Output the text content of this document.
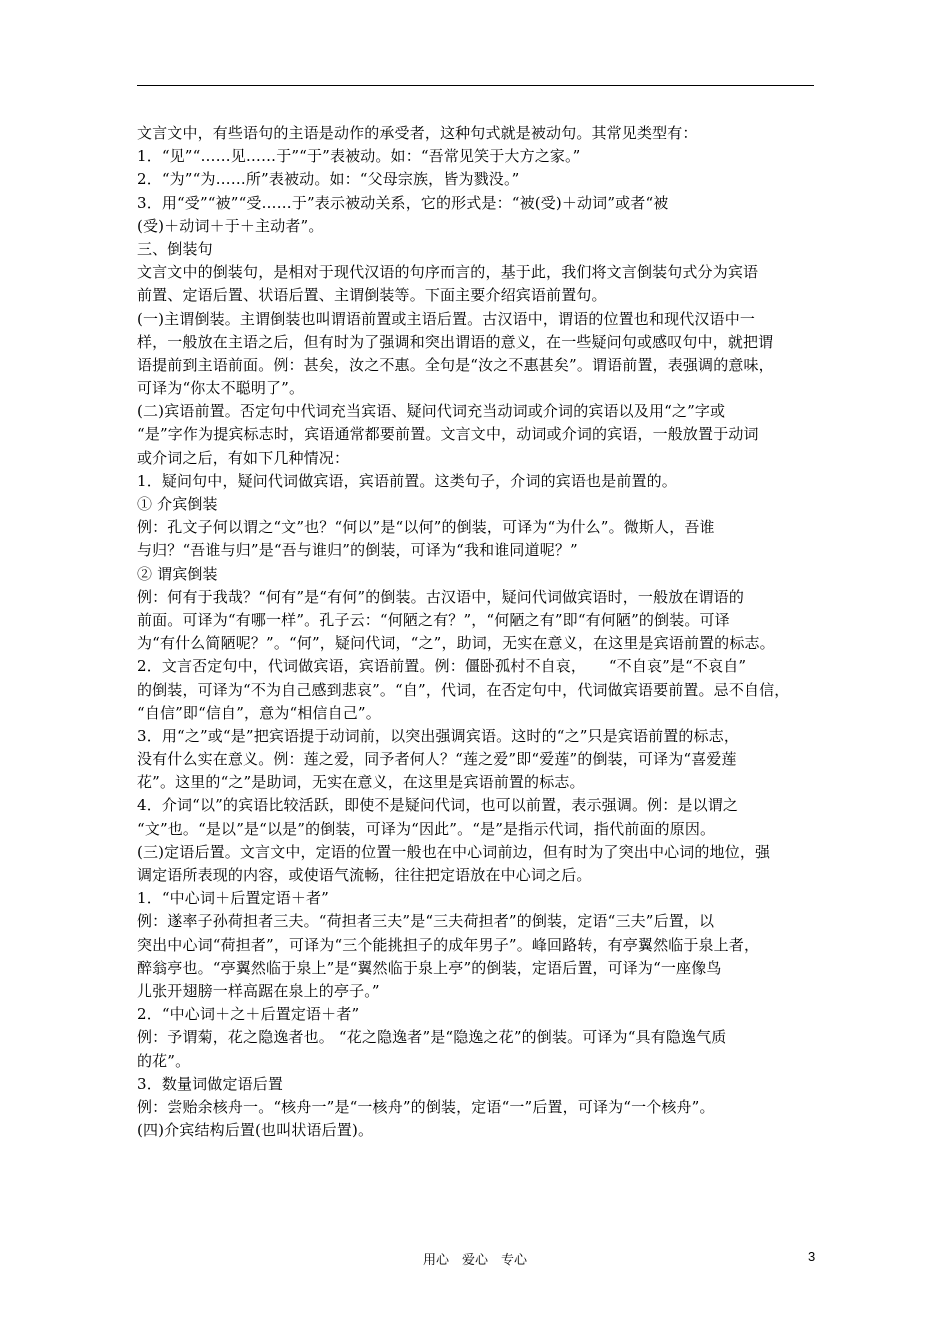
文言文中，有些语句的主语是动作的承受者，这种句式就是被动句。其常见类型有：
1．“见”“……见……于”“于”表被动。如：“吾常见笑于大方之家。”
2．“为”“为……所”表被动。如：“父母宗族，皆为戮没。”
3．用“受”“被”“受……于”表示被动关系，它的形式是：“被(受)＋动词”或者“被
(受)＋动词＋于＋主动者”。
三、倒装句
文言文中的倒装句，是相对于现代汉语的句序而言的，基于此，我们将文言倒装句式分为宾语
前置、定语后置、状语后置、主谓倒装等。下面主要介绍宾语前置句。
(一)主谓倒装。主谓倒装也叫谓语前置或主语后置。古汉语中，谓语的位置也和现代汉语中一
样，一般放在主语之后，但有时为了强调和突出谓语的意义，在一些疑问句或感叹句中，就把谓
语提前到主语前面。例：甚矣，汝之不惠。全句是“汝之不惠甚矣”。谓语前置，表强调的意味，
可译为“你太不聪明了”。
(二)宾语前置。否定句中代词充当宾语、疑问代词充当动词或介词的宾语以及用“之”字或
“是”字作为提宾标志时，宾语通常都要前置。文言文中，动词或介词的宾语，一般放置于动词
或介词之后，有如下几种情况：
1．疑问句中，疑问代词做宾语，宾语前置。这类句子，介词的宾语也是前置的。
① 介宾倒装
例：孔文子何以谓之“文”也？“何以”是“以何”的倒装，可译为“为什么”。微斯人，吾谁
与归？“吾谁与归”是“吾与谁归”的倒装，可译为“我和谁同道呢？”
② 谓宾倒装
例：何有于我哉？“何有”是“有何”的倒装。古汉语中，疑问代词做宾语时，一般放在谓语的
前面。可译为“有哪一样”。孔子云：“何陋之有？”，“何陋之有”即“有何陋”的倒装。可译
为“有什么简陋呢？”。“何”，疑问代词，“之”，助词，无实在意义，在这里是宾语前置的标志。
2．文言否定句中，代词做宾语，宾语前置。例：僵卧孤村不自哀，　　“不自哀”是“不哀自”
的倒装，可译为“不为自己感到悲哀”。“自”，代词，在否定句中，代词做宾语要前置。忌不自信，
“自信”即“信自”，意为“相信自己”。
3．用“之”或“是”把宾语提于动词前，以突出强调宾语。这时的“之”只是宾语前置的标志，
没有什么实在意义。例：莲之爱，同予者何人？“莲之爱”即“爱莲”的倒装，可译为“喜爱莲
花”。这里的“之”是助词，无实在意义，在这里是宾语前置的标志。
4．介词“以”的宾语比较活跃，即使不是疑问代词，也可以前置，表示强调。例：是以谓之
“文”也。“是以”是“以是”的倒装，可译为“因此”。“是”是指示代词，指代前面的原因。
(三)定语后置。文言文中，定语的位置一般也在中心词前边，但有时为了突出中心词的地位，强
调定语所表现的内容，或使语气流畅，往往把定语放在中心词之后。
1．“中心词＋后置定语＋者”
例：遂率子孙荷担者三夫。“荷担者三夫”是“三夫荷担者”的倒装，定语“三夫”后置，以
突出中心词“荷担者”，可译为“三个能挑担子的成年男子”。峰回路转，有亭翼然临于泉上者，
醉翁亭也。“亭翼然临于泉上”是“翼然临于泉上亭”的倒装，定语后置，可译为“一座像鸟
儿张开翅膀一样高踞在泉上的亭子。”
2．“中心词＋之＋后置定语＋者”
例：予谓菊，花之隐逸者也。 “花之隐逸者”是“隐逸之花”的倒装。可译为“具有隐逸气质
的花”。
3．数量词做定语后置
例：尝贻余核舟一。“核舟一”是“一核舟”的倒装，定语“一”后置，可译为“一个核舟”。
(四)介宾结构后置(也叫状语后置)。
用心　爱心　专心	3
